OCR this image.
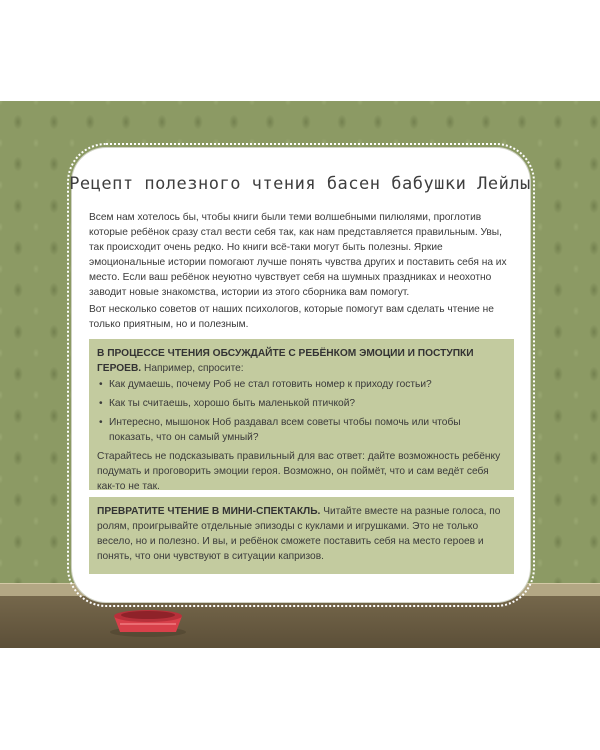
Рецепт полезного чтения басен бабушки Лейлы

Всем нам хотелось бы, чтобы книги были теми волшебными пилюлями, проглотив которые ребёнок сразу стал вести себя так, как нам представляется правильным. Увы, так происходит очень редко. Но книги всё-таки могут быть полезны. Яркие эмоциональные истории помогают лучше понять чувства других и поставить себя на их место. Если ваш ребёнок неуютно чувствует себя на шумных праздниках и неохотно заводит новые знакомства, истории из этого сборника вам помогут.

Вот несколько советов от наших психологов, которые помогут вам сделать чтение не только приятным, но и полезным.

В ПРОЦЕССЕ ЧТЕНИЯ ОБСУЖДАЙТЕ С РЕБЁНКОМ ЭМОЦИИ И ПОСТУПКИ ГЕРОЕВ. Например, спросите:

• Как думаешь, почему Роб не стал готовить номер к приходу гостьи?
• Как ты считаешь, хорошо быть маленькой птичкой?
• Интересно, мышонок Ноб раздавал всем советы чтобы помочь или чтобы показать, что он самый умный?

Старайтесь не подсказывать правильный для вас ответ: дайте возможность ребёнку подумать и проговорить эмоции героя. Возможно, он поймёт, что и сам ведёт себя как-то не так.

ПРЕВРАТИТЕ ЧТЕНИЕ В МИНИ-СПЕКТАКЛЬ. Читайте вместе на разные голоса, по ролям, проигрывайте отдельные эпизоды с куклами и игрушками. Это не только весело, но и полезно. И вы, и ребёнок сможете поставить себя на место героев и понять, что они чувствуют в ситуации капризов.
